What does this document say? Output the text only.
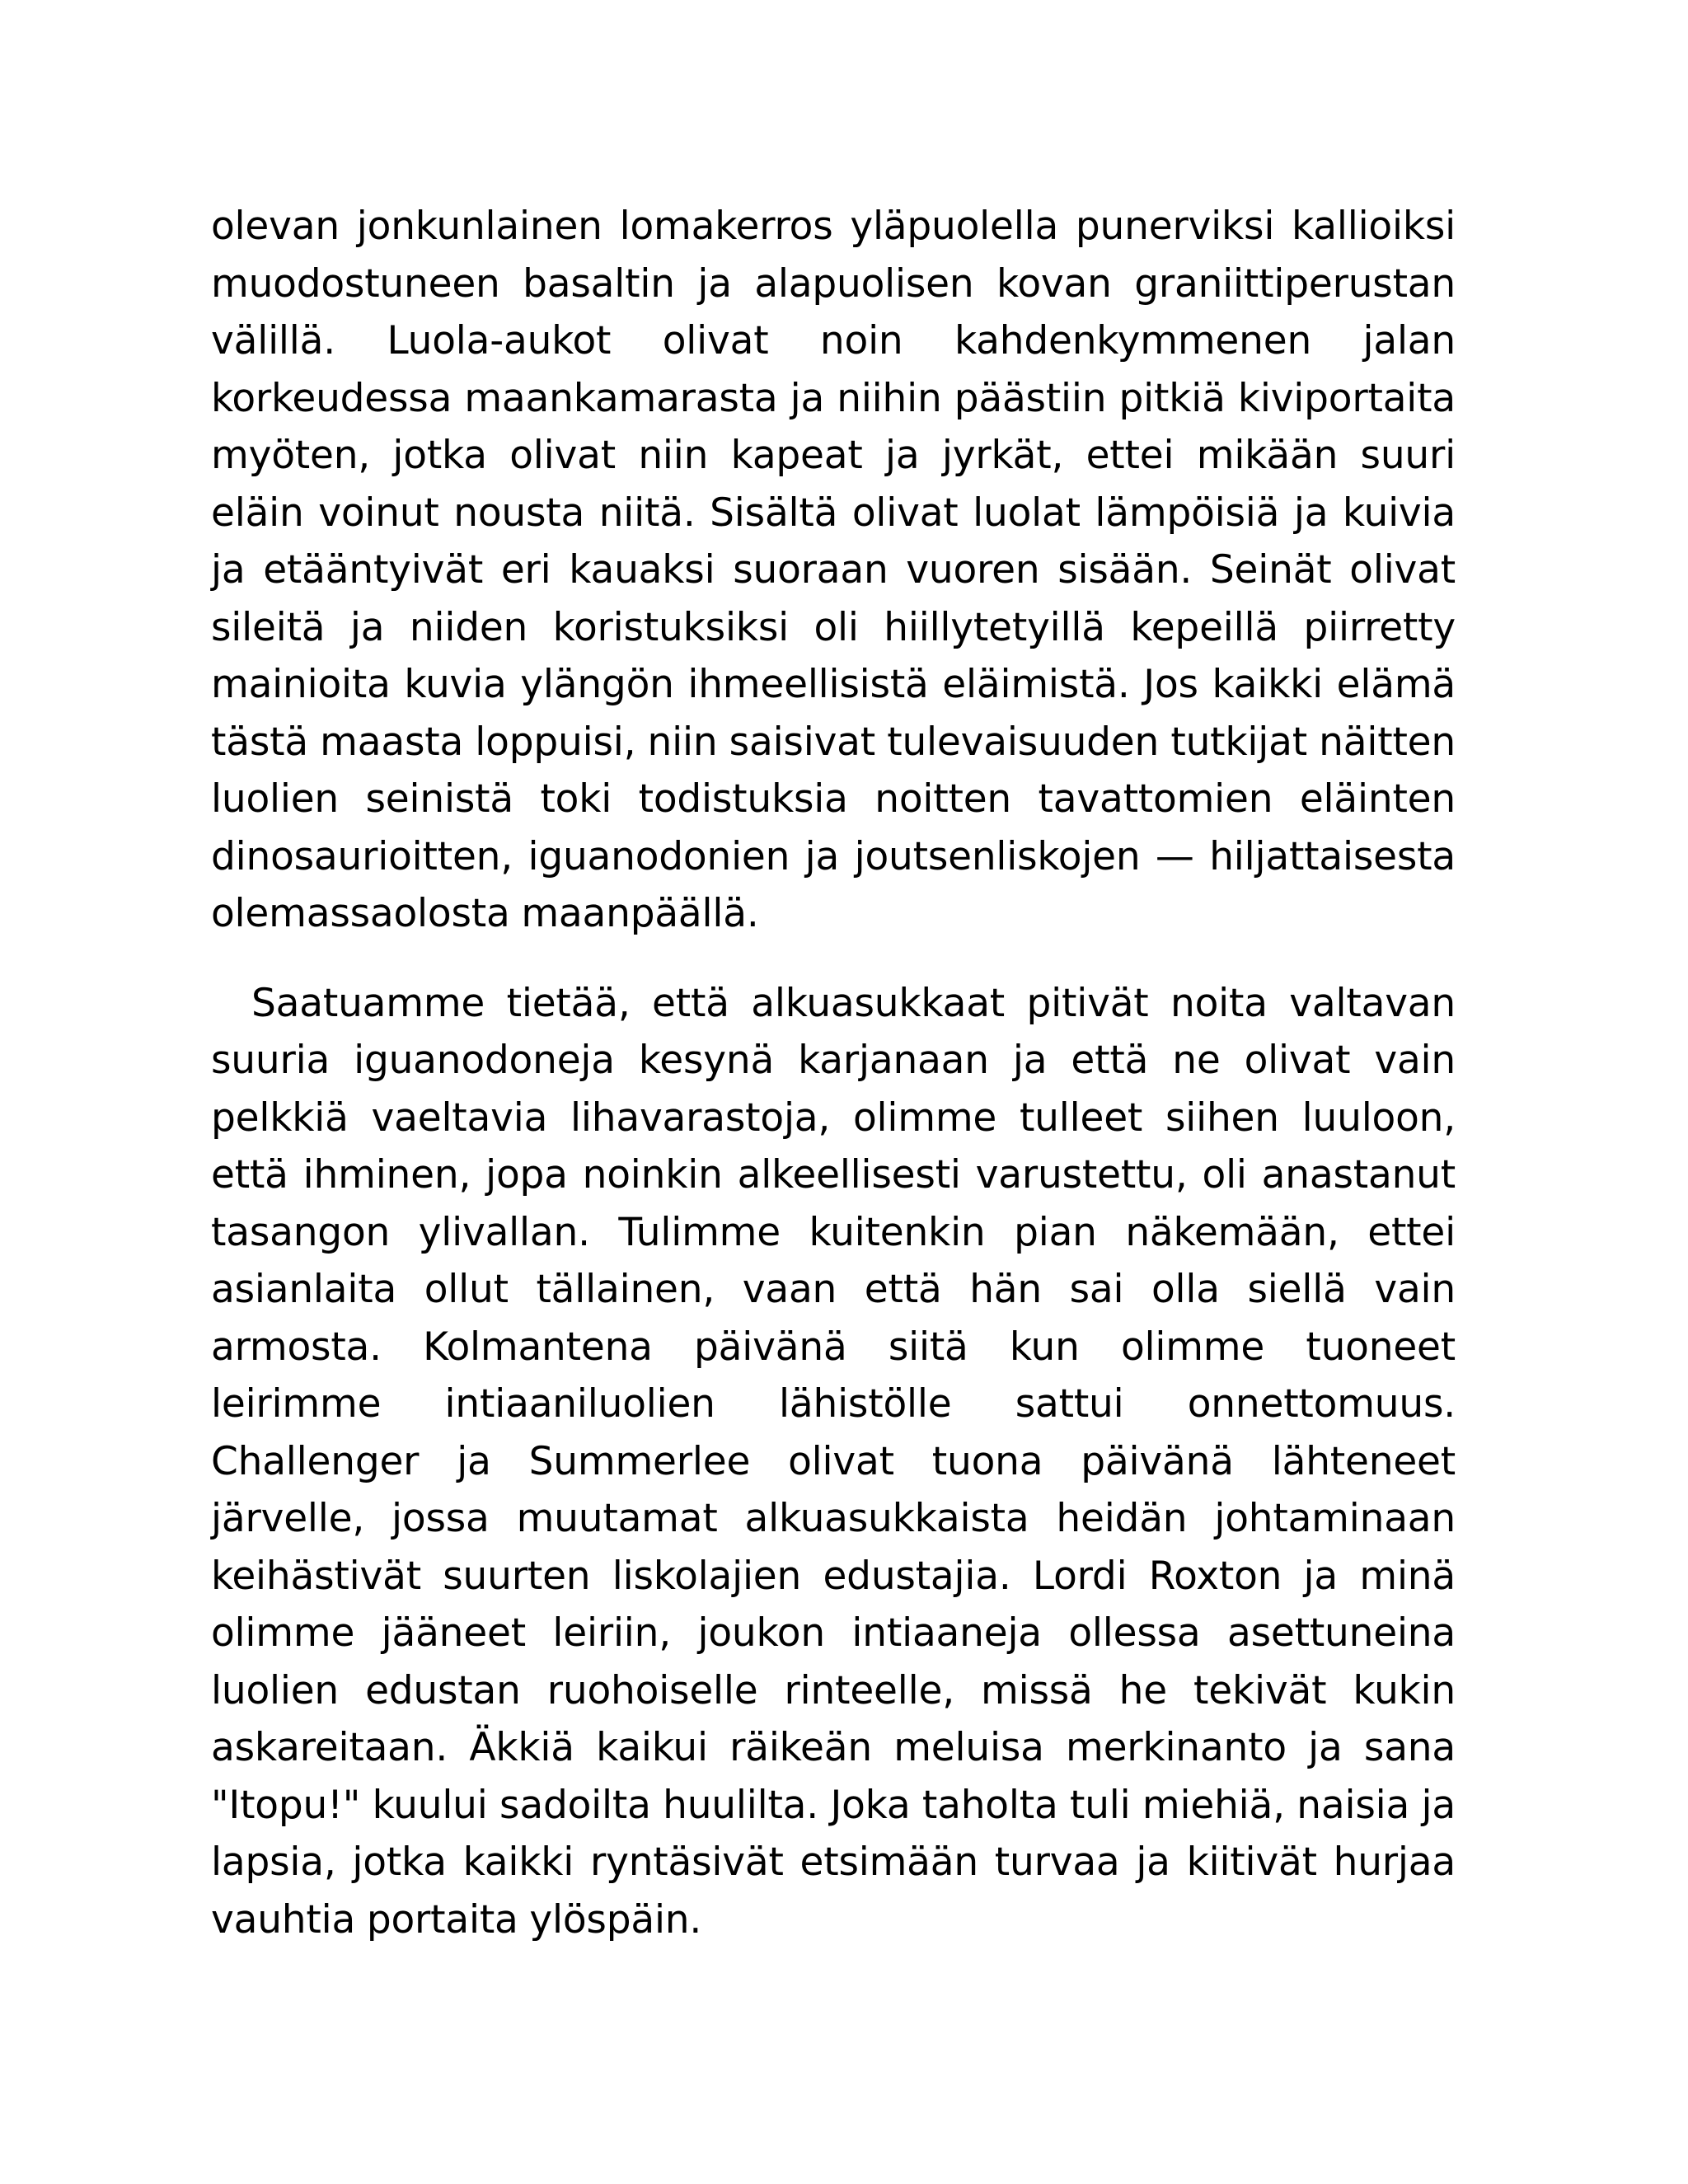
olevan jonkunlainen lomakerros yläpuolella punerviksi kallioiksi muodostuneen basaltin ja alapuolisen kovan graniittiperustan välillä. Luola-aukot olivat noin kahdenkymmenen jalan korkeudessa maankamarasta ja niihin päästiin pitkiä kiviportaita myöten, jotka olivat niin kapeat ja jyrkät, ettei mikään suuri eläin voinut nousta niitä. Sisältä olivat luolat lämpöisiä ja kuivia ja etääntyivät eri kauaksi suoraan vuoren sisään. Seinät olivat sileitä ja niiden koristuksiksi oli hiillytetyillä kepeillä piirretty mainioita kuvia ylängön ihmeellisistä eläimistä. Jos kaikki elämä tästä maasta loppuisi, niin saisivat tulevaisuuden tutkijat näitten luolien seinistä toki todistuksia noitten tavattomien eläinten dinosaurioitten, iguanodonien ja joutsenliskojen — hiljattaisesta olemassaolosta maanpäällä.

Saatuamme tietää, että alkuasukkaat pitivät noita valtavan suuria iguanodoneja kesynä karjanaan ja että ne olivat vain pelkkiä vaeltavia lihavarastoja, olimme tulleet siihen luuloon, että ihminen, jopa noinkin alkeellisesti varustettu, oli anastanut tasangon ylivallan. Tulimme kuitenkin pian näkemään, ettei asianlaita ollut tällainen, vaan että hän sai olla siellä vain armosta. Kolmantena päivänä siitä kun olimme tuoneet leirimme intiaaniluolien lähistölle sattui onnettomuus. Challenger ja Summerlee olivat tuona päivänä lähteneet järvelle, jossa muutamat alkuasukkaista heidän johtaminaan keihästivät suurten liskolajien edustajia. Lordi Roxton ja minä olimme jääneet leiriin, joukon intiaaneja ollessa asettuneina luolien edustan ruohoiselle rinteelle, missä he tekivät kukin askareitaan. Äkkiä kaikui räikeän meluisa merkinanto ja sana "Itopu!" kuului sadoilta huulilta. Joka taholta tuli miehiä, naisia ja lapsia, jotka kaikki ryntäsivät etsimään turvaa ja kiitivät hurjaa vauhtia portaita ylöspäin.
